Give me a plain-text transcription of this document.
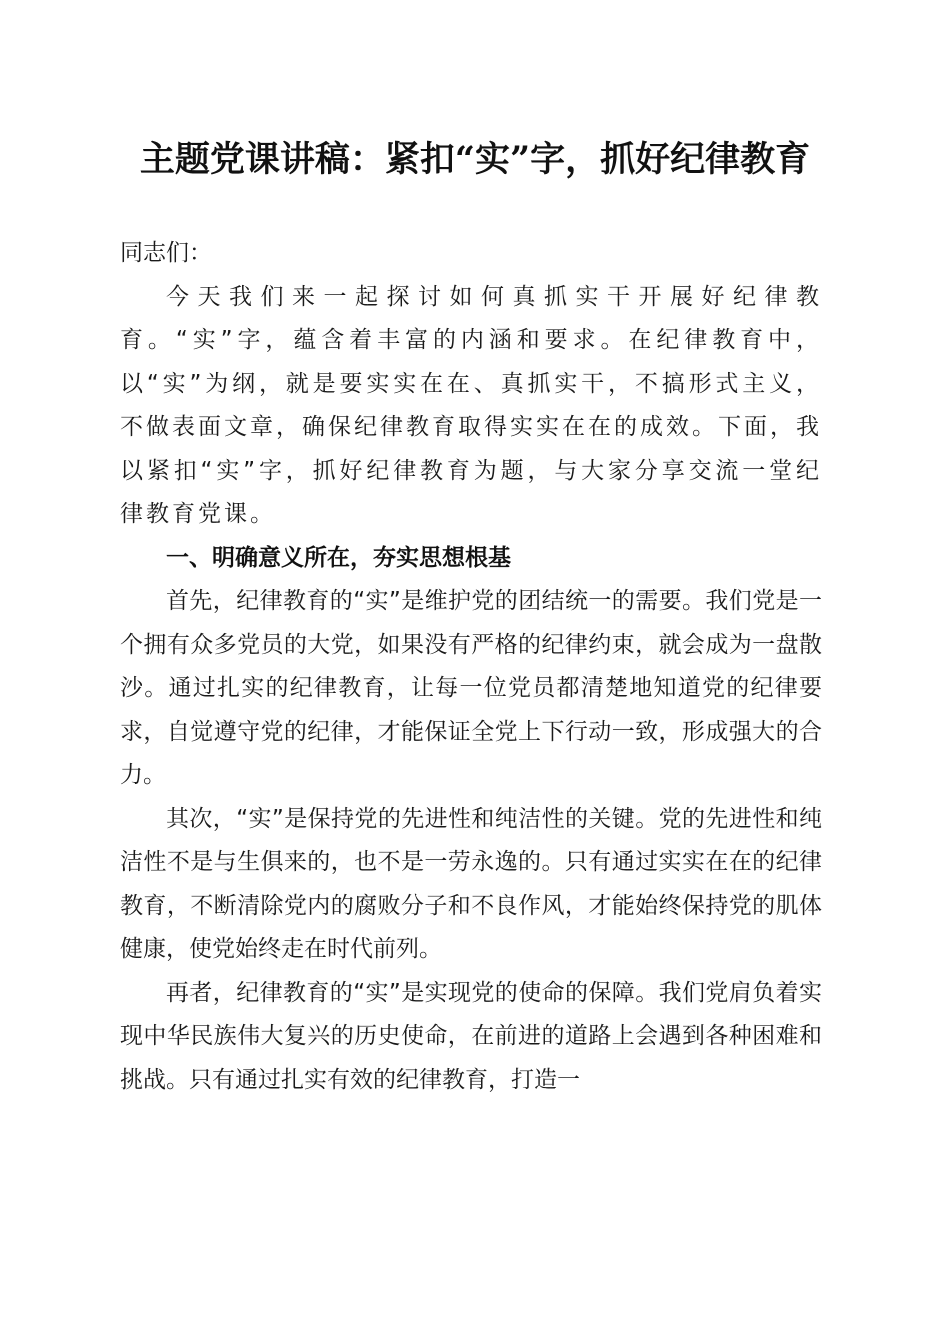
主题党课讲稿：紧扣“实”字，抓好纪律教育

同志们：

今天我们来一起探讨如何真抓实干开展好纪律教育。“实”字，蕴含着丰富的内涵和要求。在纪律教育中，以“实”为纲，就是要实实在在、真抓实干，不搞形式主义，不做表面文章，确保纪律教育取得实实在在的成效。下面，我以紧扣“实”字，抓好纪律教育为题，与大家分享交流一堂纪律教育党课。

一、明确意义所在，夯实思想根基

首先，纪律教育的“实”是维护党的团结统一的需要。我们党是一个拥有众多党员的大党，如果没有严格的纪律约束，就会成为一盘散沙。通过扎实的纪律教育，让每一位党员都清楚地知道党的纪律要求，自觉遵守党的纪律，才能保证全党上下行动一致，形成强大的合力。

其次，“实”是保持党的先进性和纯洁性的关键。党的先进性和纯洁性不是与生俱来的，也不是一劳永逸的。只有通过实实在在的纪律教育，不断清除党内的腐败分子和不良作风，才能始终保持党的肌体健康，使党始终走在时代前列。

再者，纪律教育的“实”是实现党的使命的保障。我们党肩负着实现中华民族伟大复兴的历史使命，在前进的道路上会遇到各种困难和挑战。只有通过扎实有效的纪律教育，打造一
